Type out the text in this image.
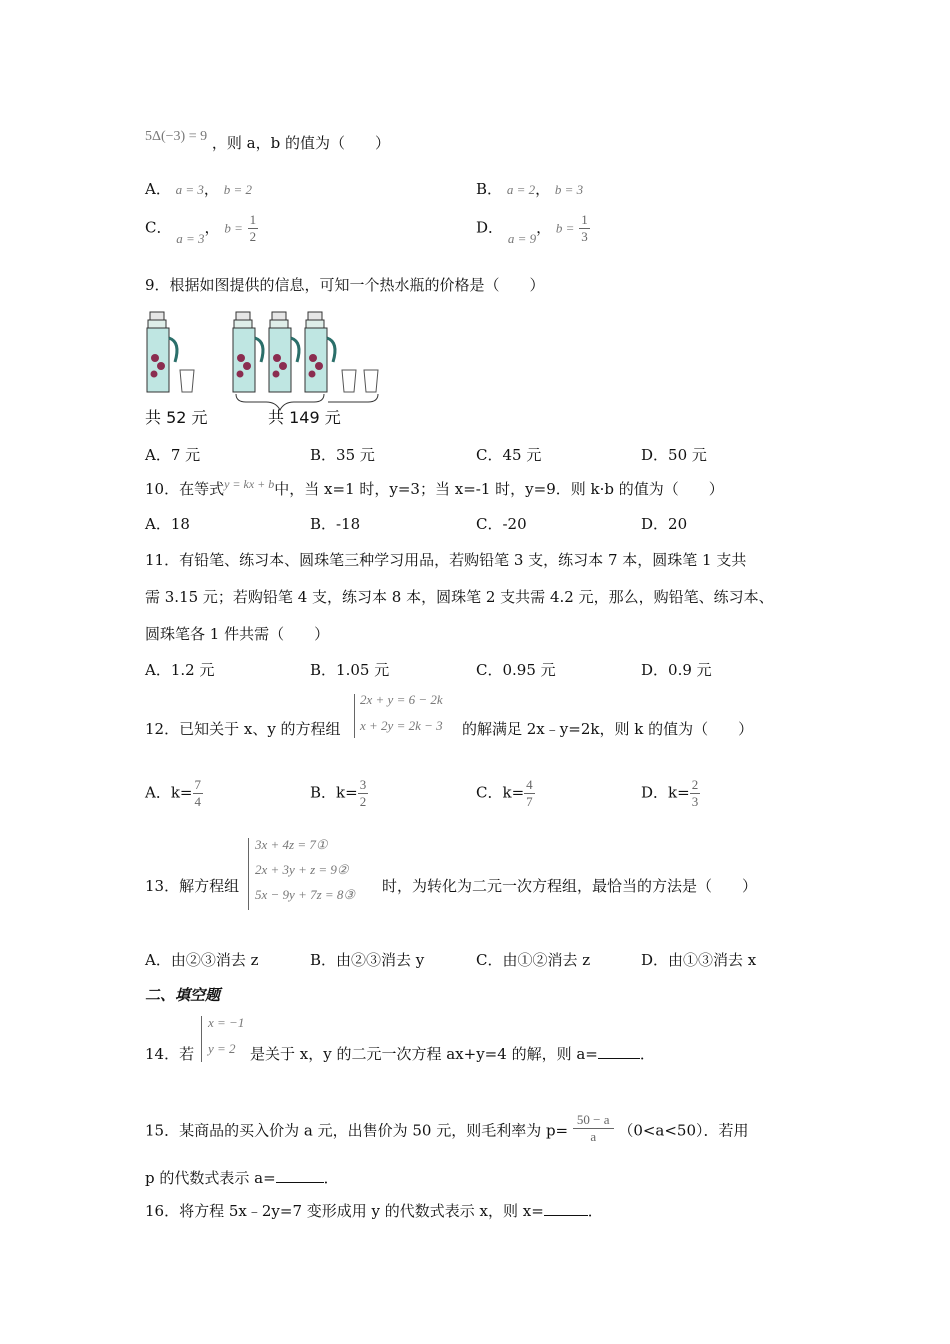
5Δ(−3) = 9 ，则 a，b 的值为（　　）
A． a = 3， b = 2	B． a = 2， b = 3
C． a = 3， $b = \frac{1}{2}$	D． a = 9， $b = \frac{1}{3}$
9．根据如图提供的信息，可知一个热水瓶的价格是（　　）
共 52 元	共 149 元
A．7 元	B．35 元	C．45 元	D．50 元
10．在等式$^{y = kx + b}$中，当 x=1 时，y=3；当 x=-1 时，y=9．则 k·b 的值为（　　）
A．18	B．-18	C．-20	D．20
11．有铅笔、练习本、圆珠笔三种学习用品，若购铅笔 3 支，练习本 7 本，圆珠笔 1 支共
需 3.15 元；若购铅笔 4 支，练习本 8 本，圆珠笔 2 支共需 4.2 元，那么，购铅笔、练习本、
圆珠笔各 1 件共需（　　）
A．1.2 元	B．1.05 元	C．0.95 元	D．0.9 元
12．已知关于 x、y 的方程组
2x + y = 6 − 2k
x + 2y = 2k − 3 的解满足 2x﹣y=2k，则 k 的值为（　　）
A．$k= \frac{7}{4}$	B．$k= \frac{3}{2}$	C．$k= \frac{4}{7}$	D．$k= \frac{2}{3}$
13．解方程组
3x + 4z = 7①
2x + 3y + z = 9②
5x − 9y + 7z = 8③ 时，为转化为二元一次方程组，最恰当的方法是（　　）
A．由②③消去 z	B．由②③消去 y	C．由①②消去 z	D．由①③消去 x
二、填空题
14．若
x = −1
y = 2 是关于 x，y 的二元一次方程 ax+y=4 的解，则 a=	．
15．某商品的买入价为 a 元，出售价为 50 元，则毛利率为 $p= \frac{50 - a}{a} (0<a<50)$．若用
p 的代数式表示 a=	．
16．将方程 5x﹣2y=7 变形成用 y 的代数式表示 x，则 x=	．
